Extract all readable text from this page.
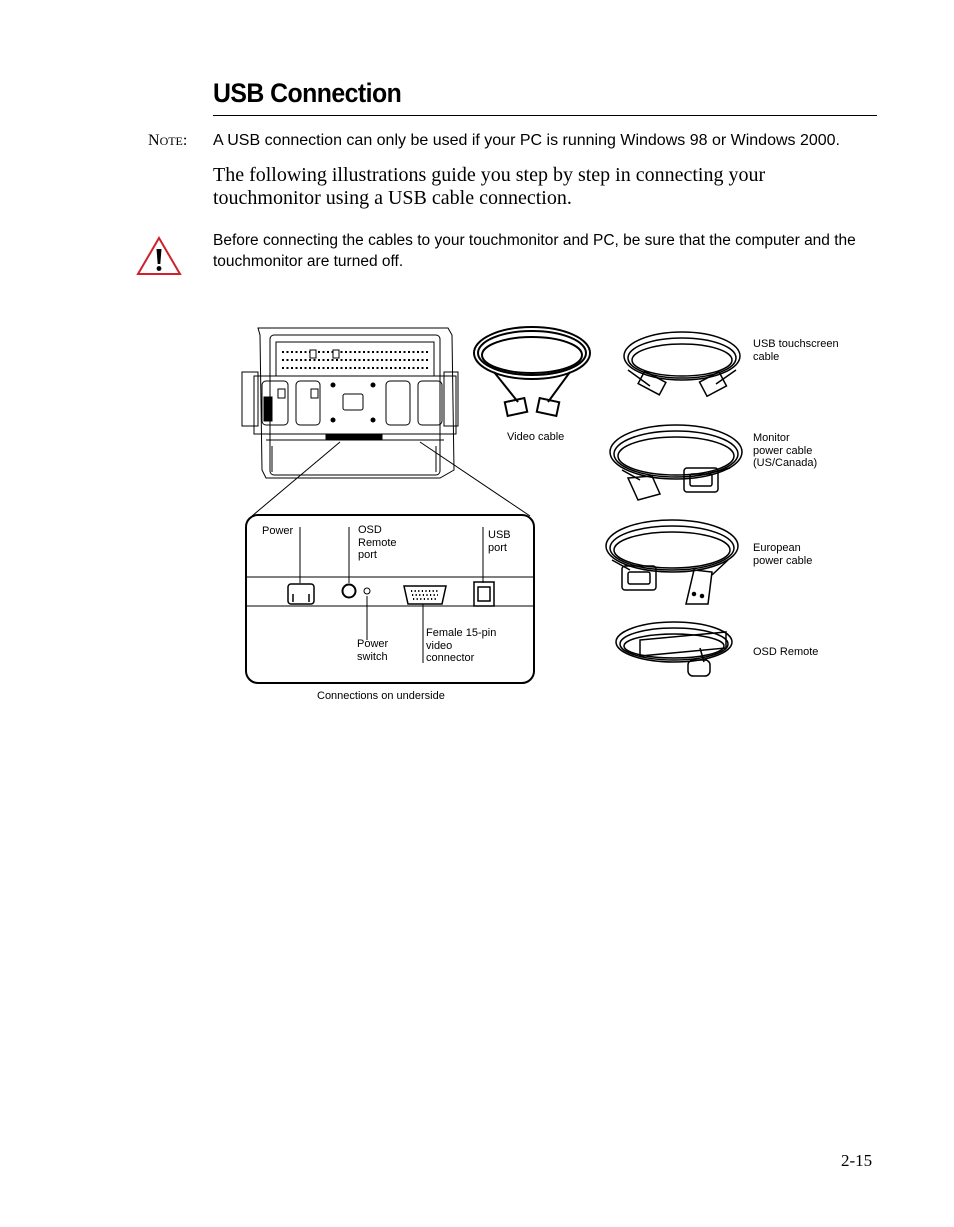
USB Connection
NOTE: A USB connection can only be used if your PC is running Windows 98 or Windows 2000.
The following illustrations guide you step by step in connecting your touchmonitor using a USB cable connection.
Before connecting the cables to your touchmonitor and PC, be sure that the computer and the touchmonitor are turned off.
USB touchscreen
cable
Video cable	Monitor
power cable
(US/Canada)
European
power cable
OSD Remote
Power	OSD
Remote
port
USB
port
Power
switch
Female 15-pin
video
connector
Connections on underside
2-15
